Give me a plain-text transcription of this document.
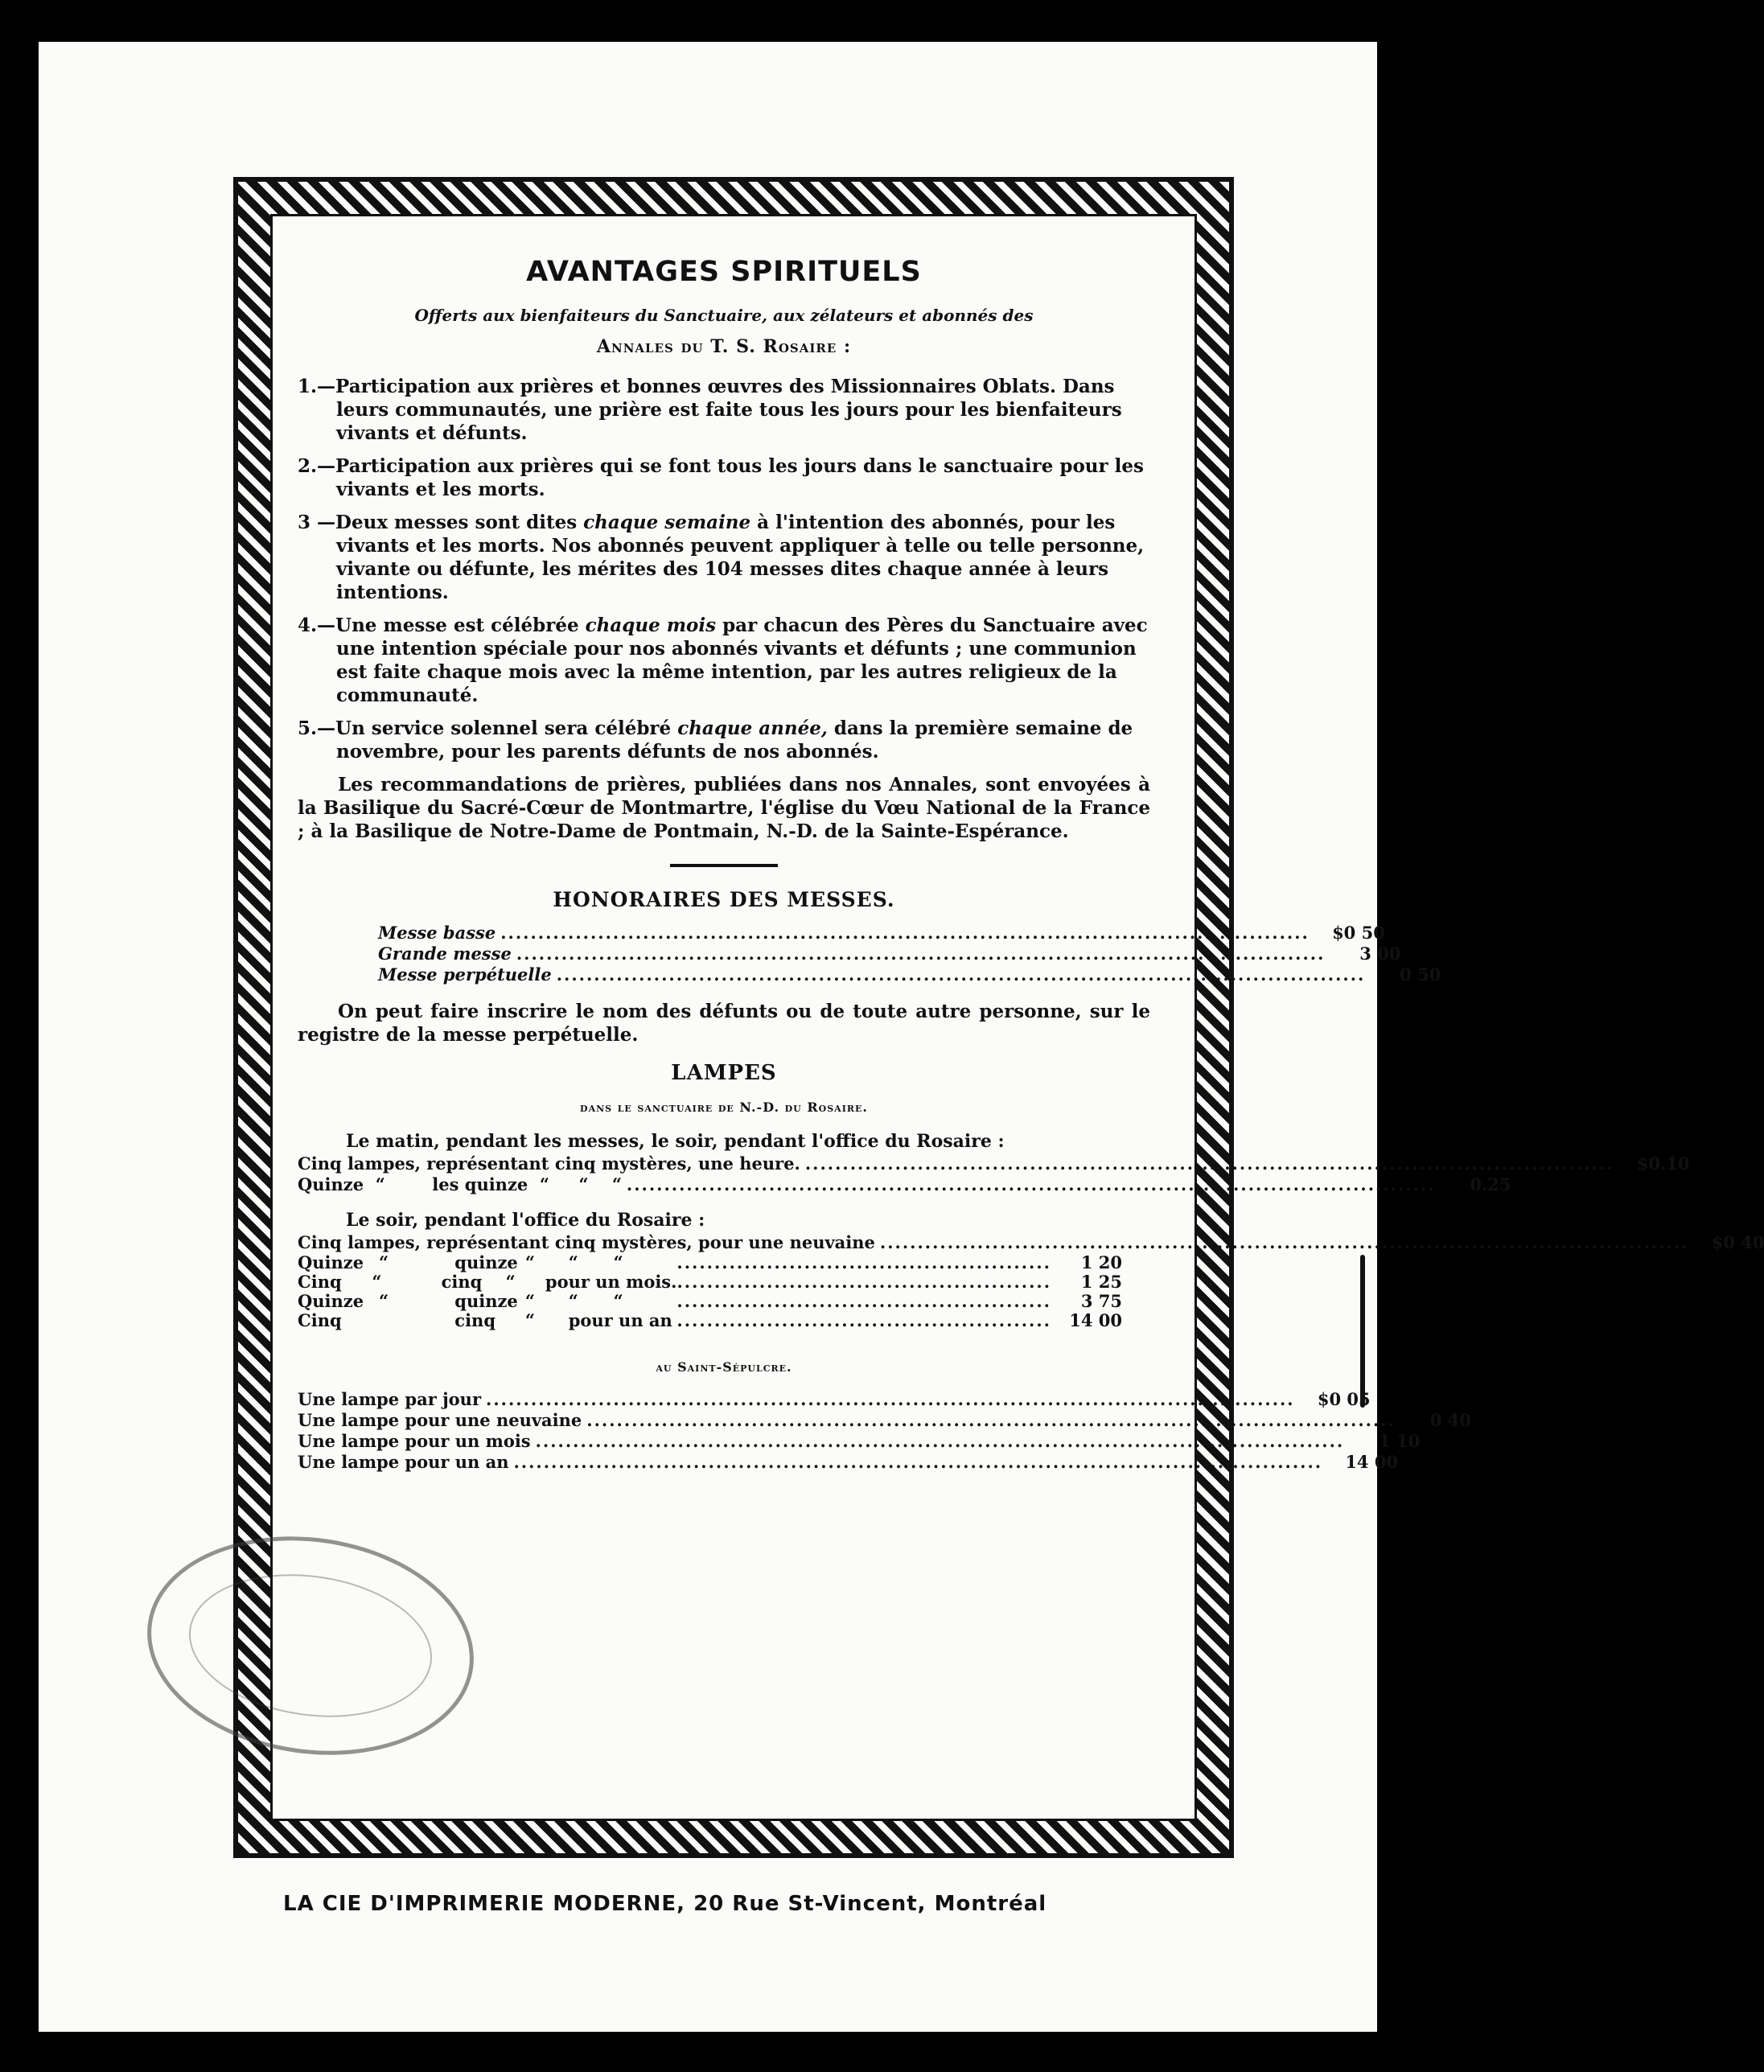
AVANTAGES SPIRITUELS
Offerts aux bienfaiteurs du Sanctuaire, aux zélateurs et abonnés des
Annales du T. S. Rosaire :
1.—Participation aux prières et bonnes œuvres des Missionnaires Oblats. Dans leurs communautés, une prière est faite tous les jours pour les bienfaiteurs vivants et défunts.
2.—Participation aux prières qui se font tous les jours dans le sanctuaire pour les vivants et les morts.
3 —Deux messes sont dites chaque semaine à l'intention des abonnés, pour les vivants et les morts. Nos abonnés peuvent appliquer à telle ou telle personne, vivante ou défunte, les mérites des 104 messes dites chaque année à leurs intentions.
4.—Une messe est célébrée chaque mois par chacun des Pères du Sanctuaire avec une intention spéciale pour nos abonnés vivants et défunts ; une communion est faite chaque mois avec la même intention, par les autres religieux de la communauté.
5.—Un service solennel sera célébré chaque année, dans la première semaine de novembre, pour les parents défunts de nos abonnés.
Les recommandations de prières, publiées dans nos Annales, sont envoyées à la Basilique du Sacré-Cœur de Montmartre, l'église du Vœu National de la France ; à la Basilique de Notre-Dame de Pontmain, N.-D. de la Sainte-Espérance.
HONORAIRES DES MESSES.
Messe basse ............................................................................................................	$0 50
Grande messe ............................................................................................................	3 00
Messe perpétuelle ............................................................................................................	0 50
On peut faire inscrire le nom des défunts ou de toute autre personne, sur le registre de la messe perpétuelle.
LAMPES
dans le sanctuaire de N.-D. du Rosaire.
Le matin, pendant les messes, le soir, pendant l'office du Rosaire :
Cinq lampes, représentant cinq mystères, une heure. ............................................................................................................	$0.10
Quinze  “        les quinze  “     “    “ ............................................................................................................	0.25
Le soir, pendant l'office du Rosaire :
Cinq lampes, représentant cinq mystères, pour une neuvaine ............................................................................................................	$0 40
Quinze “	quinze “	“      “	..................................................	1 20
Cinq	“	cinq	“	pour un mois. ..................................................	1 25
Quinze “	quinze “	“      “	..................................................	3 75
Cinq	cinq	“	pour un an ..................................................	14 00
au Saint-Sépulcre.
Une lampe par jour ............................................................................................................	$0 05
Une lampe pour une neuvaine ............................................................................................................	0 40
Une lampe pour un mois ............................................................................................................	1 10
Une lampe pour un an ............................................................................................................	14 00
LA CIE D'IMPRIMERIE MODERNE, 20 Rue St-Vincent, Montréal
